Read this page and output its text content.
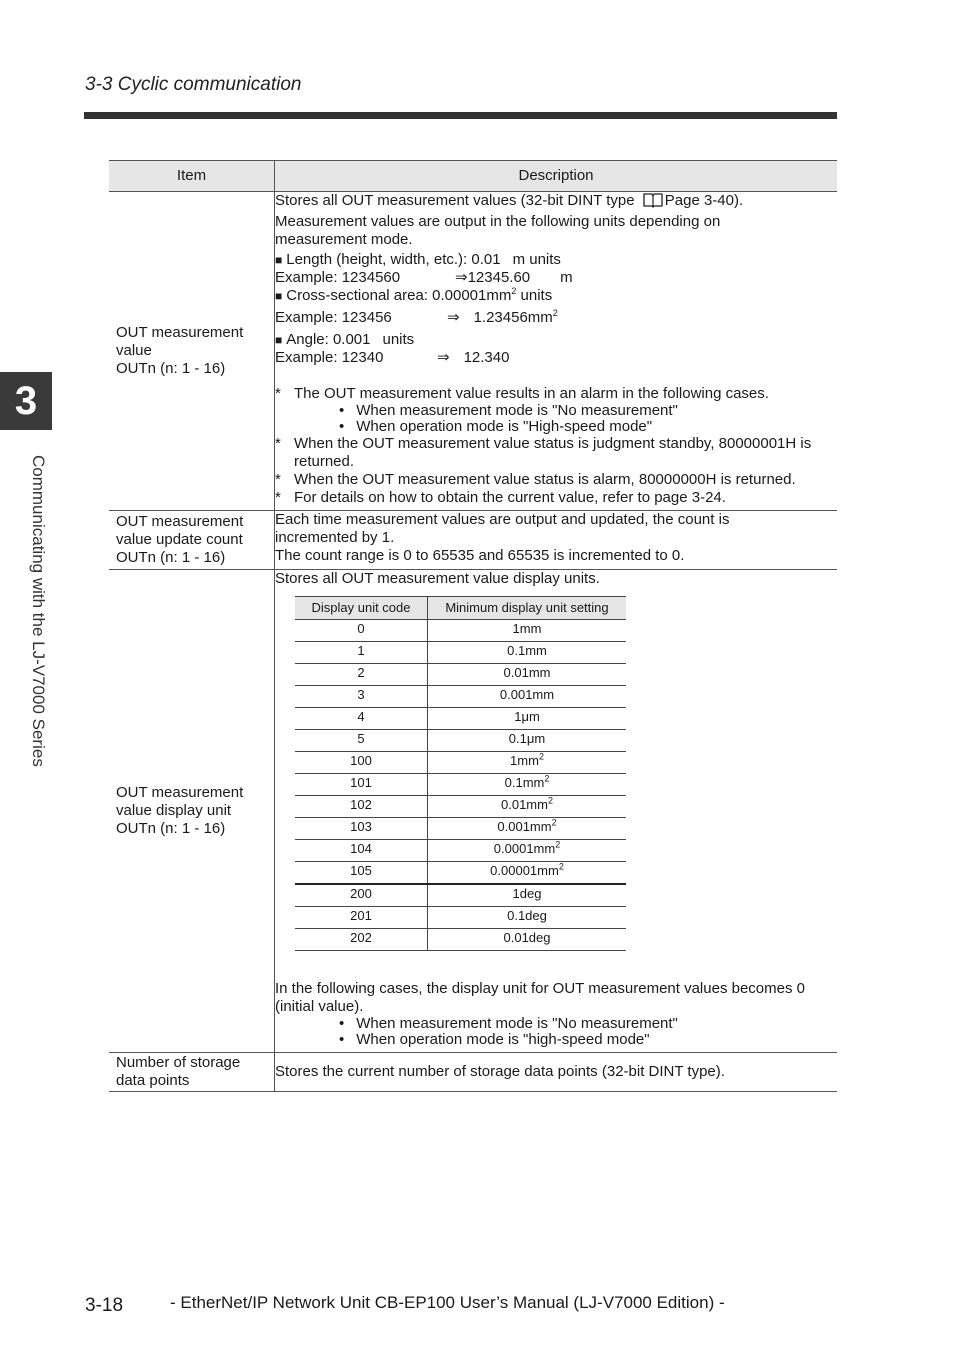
3-3 Cyclic communication
3
Communicating with the LJ-V7000 Series
Item	Description

OUT measurement
value
OUTn (n: 1 - 16)

Stores all OUT measurement values (32-bit DINT type Page 3-40).
Measurement values are output in the following units depending on
measurement mode.
■ Length (height, width, etc.): 0.01 m units
Example: 1234560	⇒12345.60 m
■ Cross-sectional area: $0.00001mm^2$ units
Example: 123456	⇒ $1.23456mm^2$
■ Angle: 0.001 units
Example: 12340	⇒ 12.340
* The OUT measurement value results in an alarm in the following cases.
• When measurement mode is "No measurement"
• When operation mode is "High-speed mode"
* When the OUT measurement value status is judgment standby, 80000001H is returned.
* When the OUT measurement value status is alarm, 80000000H is returned.
* For details on how to obtain the current value, refer to page 3-24.

OUT measurement
value update count
OUTn (n: 1 - 16)

Each time measurement values are output and updated, the count is
incremented by 1.
The count range is 0 to 65535 and 65535 is incremented to 0.

OUT measurement
value display unit
OUTn (n: 1 - 16)

Stores all OUT measurement value display units.
Display unit code	Minimum display unit setting
0	1mm
1	0.1mm
2	0.01mm
3	0.001mm
4	1μm
5	0.1μm
100	$1mm^2$
101	$0.1mm^2$
102	$0.01mm^2$
103	$0.001mm^2$
104	$0.0001mm^2$
105	$0.00001mm^2$
200	1deg
201	0.1deg
202	0.01deg
In the following cases, the display unit for OUT measurement values becomes 0
(initial value).
• When measurement mode is "No measurement"
• When operation mode is "high-speed mode"

Number of storage
data points

Stores the current number of storage data points (32-bit DINT type).
3-18	- EtherNet/IP Network Unit CB-EP100 User’s Manual (LJ-V7000 Edition) -
